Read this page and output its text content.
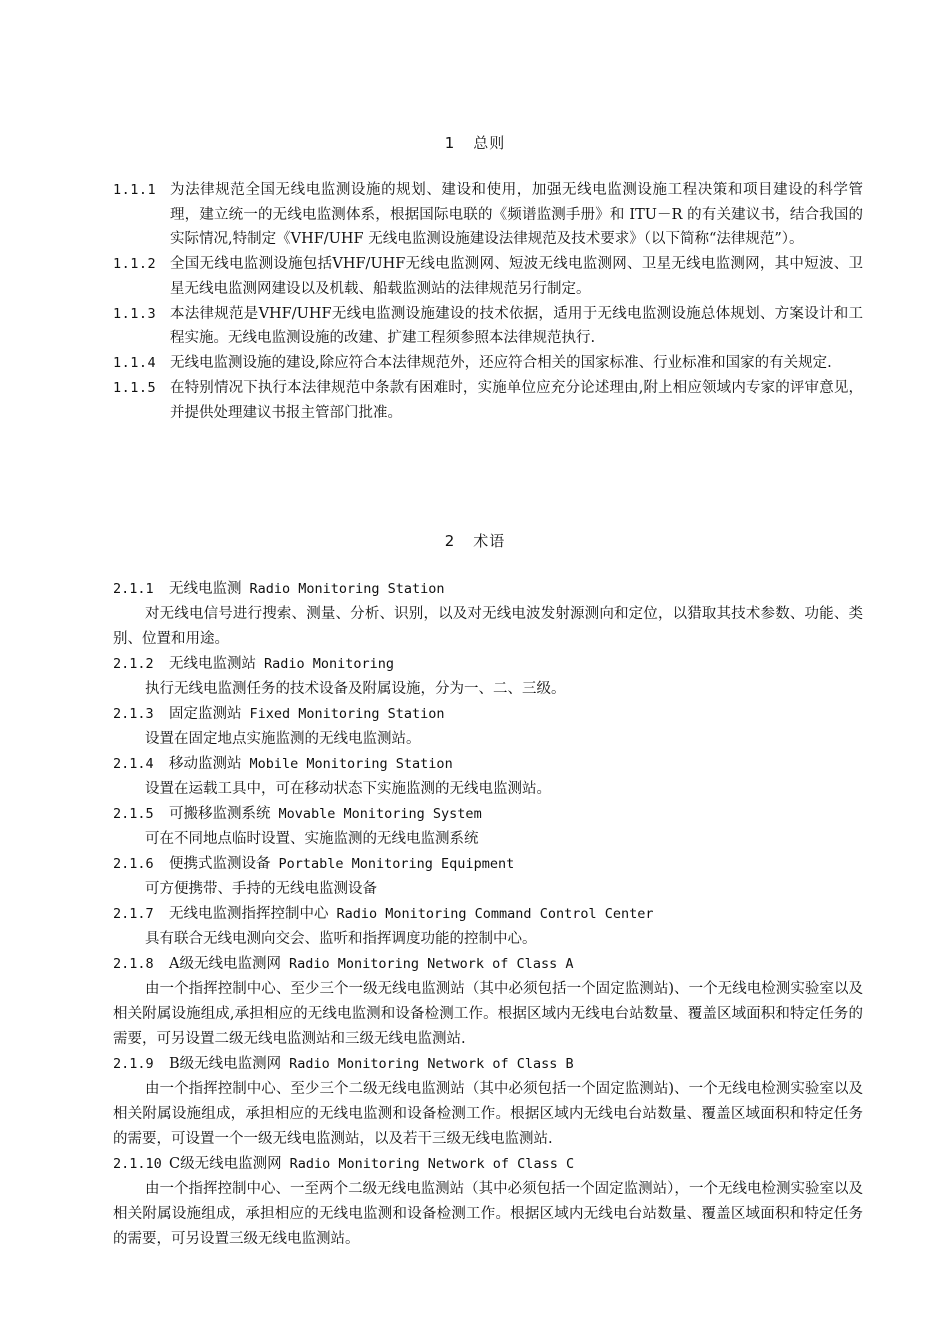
1 总则
1.1.1 为法律规范全国无线电监测设施的规划、建设和使用，加强无线电监测设施工程决策和项目建设的科学管理，建立统一的无线电监测体系，根据国际电联的《频谱监测手册》和 ITU－R 的有关建议书，结合我国的实际情况,特制定《VHF/UHF 无线电监测设施建设法律规范及技术要求》（以下简称“法律规范”）。
1.1.2 全国无线电监测设施包括VHF/UHF无线电监测网、短波无线电监测网、卫星无线电监测网，其中短波、卫星无线电监测网建设以及机载、船载监测站的法律规范另行制定。
1.1.3 本法律规范是VHF/UHF无线电监测设施建设的技术依据，适用于无线电监测设施总体规划、方案设计和工程实施。无线电监测设施的改建、扩建工程须参照本法律规范执行.
1.1.4 无线电监测设施的建设,除应符合本法律规范外，还应符合相关的国家标准、行业标准和国家的有关规定.
1.1.5 在特别情况下执行本法律规范中条款有困难时，实施单位应充分论述理由,附上相应领域内专家的评审意见，并提供处理建议书报主管部门批准。
2 术语
2.1.1 无线电监测 Radio Monitoring Station
对无线电信号进行搜索、测量、分析、识别，以及对无线电波发射源测向和定位，以猎取其技术参数、功能、类别、位置和用途。
2.1.2 无线电监测站 Radio Monitoring
执行无线电监测任务的技术设备及附属设施，分为一、二、三级。
2.1.3 固定监测站 Fixed Monitoring Station
设置在固定地点实施监测的无线电监测站。
2.1.4 移动监测站 Mobile Monitoring Station
设置在运载工具中，可在移动状态下实施监测的无线电监测站。
2.1.5 可搬移监测系统 Movable Monitoring System
可在不同地点临时设置、实施监测的无线电监测系统
2.1.6 便携式监测设备 Portable Monitoring Equipment
可方便携带、手持的无线电监测设备
2.1.7 无线电监测指挥控制中心 Radio Monitoring Command Control Center
具有联合无线电测向交会、监听和指挥调度功能的控制中心。
2.1.8 A级无线电监测网 Radio Monitoring Network of Class A
由一个指挥控制中心、至少三个一级无线电监测站（其中必须包括一个固定监测站)、一个无线电检测实验室以及相关附属设施组成,承担相应的无线电监测和设备检测工作。根据区域内无线电台站数量、覆盖区域面积和特定任务的需要，可另设置二级无线电监测站和三级无线电监测站.
2.1.9 B级无线电监测网 Radio Monitoring Network of Class B
由一个指挥控制中心、至少三个二级无线电监测站（其中必须包括一个固定监测站)、一个无线电检测实验室以及相关附属设施组成，承担相应的无线电监测和设备检测工作。根据区域内无线电台站数量、覆盖区域面积和特定任务的需要，可设置一个一级无线电监测站，以及若干三级无线电监测站.
2.1.10 C级无线电监测网 Radio Monitoring Network of Class C
由一个指挥控制中心、一至两个二级无线电监测站（其中必须包括一个固定监测站），一个无线电检测实验室以及相关附属设施组成，承担相应的无线电监测和设备检测工作。根据区域内无线电台站数量、覆盖区域面积和特定任务的需要，可另设置三级无线电监测站。
